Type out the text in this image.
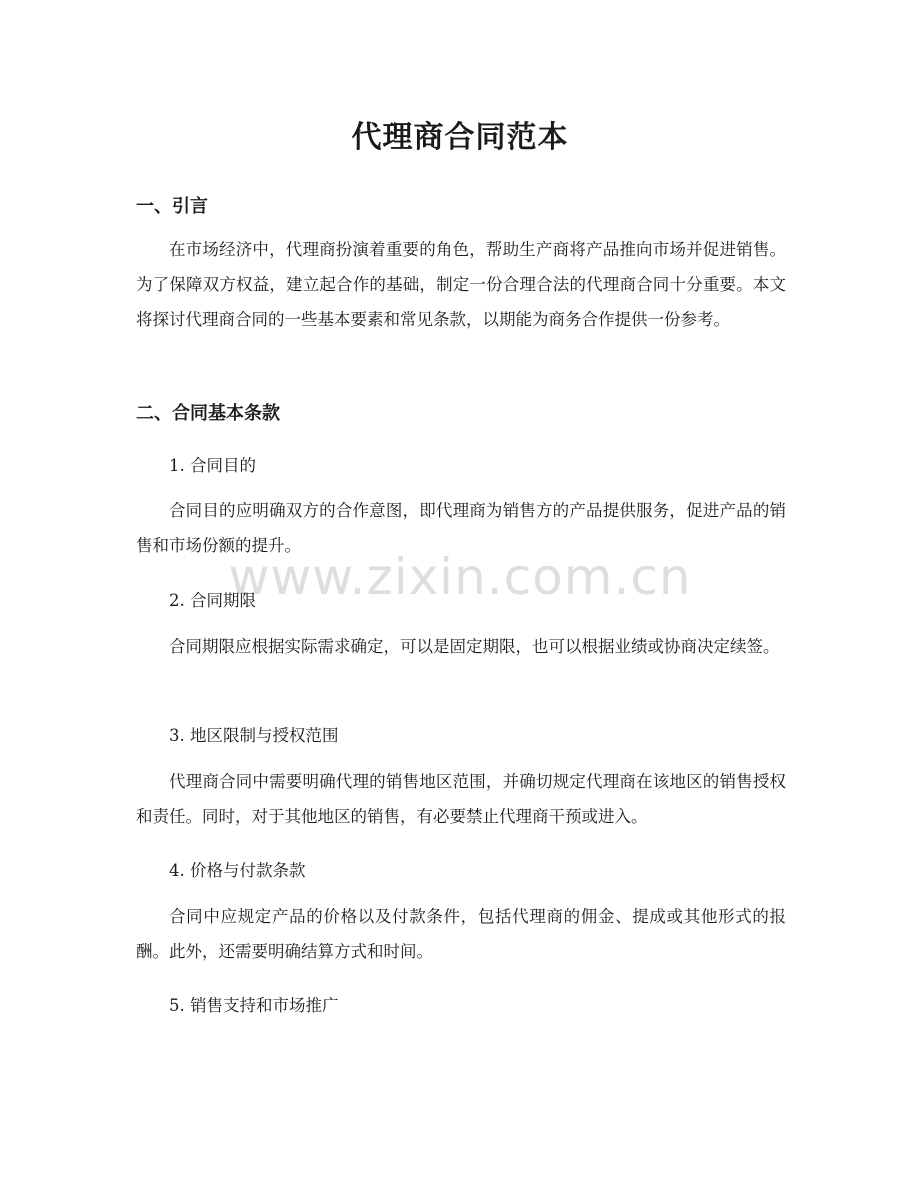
代理商合同范本
一、引言

在市场经济中，代理商扮演着重要的角色，帮助生产商将产品推向市场并促进销售。为了保障双方权益，建立起合作的基础，制定一份合理合法的代理商合同十分重要。本文将探讨代理商合同的一些基本要素和常见条款，以期能为商务合作提供一份参考。

二、合同基本条款
1. 合同目的

合同目的应明确双方的合作意图，即代理商为销售方的产品提供服务，促进产品的销售和市场份额的提升。

2. 合同期限

合同期限应根据实际需求确定，可以是固定期限，也可以根据业绩或协商决定续签。

3. 地区限制与授权范围

代理商合同中需要明确代理的销售地区范围，并确切规定代理商在该地区的销售授权和责任。同时，对于其他地区的销售，有必要禁止代理商干预或进入。

4. 价格与付款条款

合同中应规定产品的价格以及付款条件，包括代理商的佣金、提成或其他形式的报酬。此外，还需要明确结算方式和时间。

5. 销售支持和市场推广
www.zixin.com.cn
